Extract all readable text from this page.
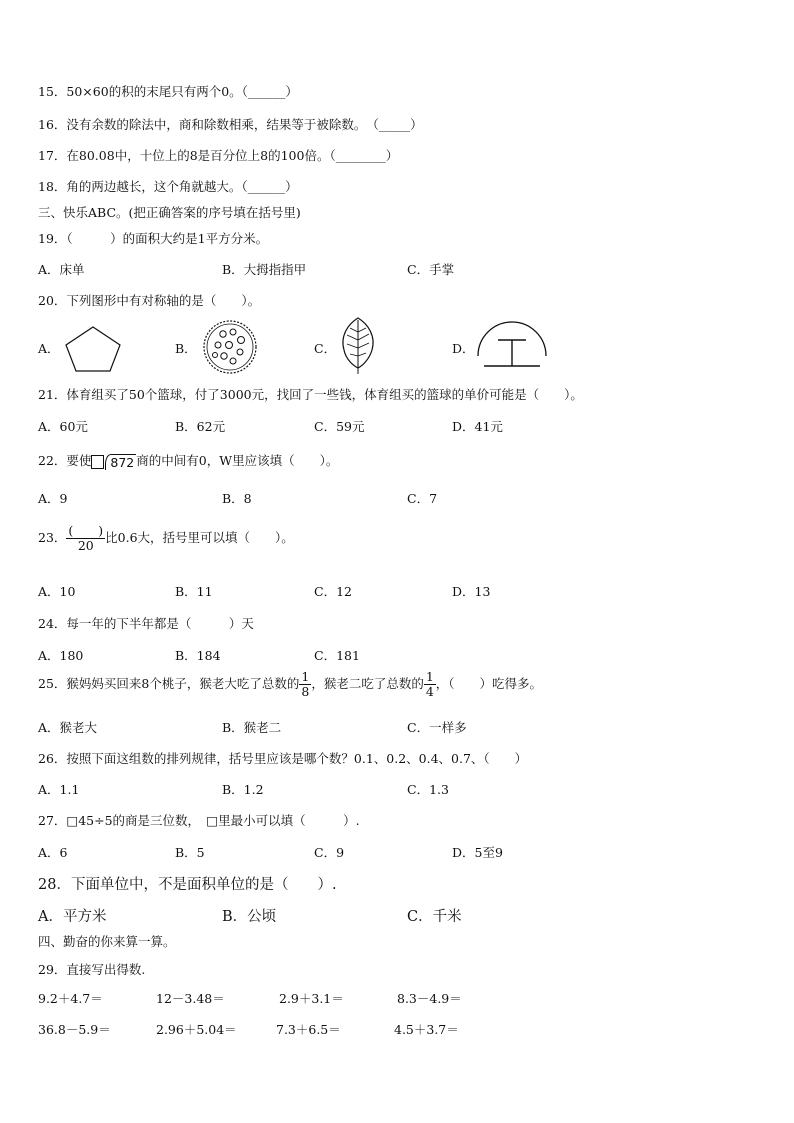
15．50×60的积的末尾只有两个0。（______）
16．没有余数的除法中，商和除数相乘，结果等于被除数。　（_____）
17．在80.08中，十位上的8是百分位上8的100倍。（________）
18．角的两边越长，这个角就越大。（______）
三、快乐ABC。(把正确答案的序号填在括号里)
19．（　　　）的面积大约是1平方分米。
A．床单	B．大拇指指甲	C．手掌
20．下列图形中有对称轴的是（　　）。
A．	B．	C．	D．
21．体育组买了50个篮球，付了3000元，找回了一些钱，体育组买的篮球的单价可能是（　　）。
A．60元	B．62元	C．59元	D．41元
22．要使 872 商的中间有0，W里应该填（　　）。
A．9	B．8	C．7
23． $\frac{( )}{20}$ 比0.6大，括号里可以填（　　）。
A．10	B．11	C．12	D．13
24．每一年的下半年都是（　　　）天
A．180	B．184	C．181
25．猴妈妈买回来8个桃子，猴老大吃了总数的 $\frac{1}{8}$ ，猴老二吃了总数的 $\frac{1}{4}$ ，（　　）吃得多。
A．猴老大	B．猴老二	C．一样多
26．按照下面这组数的排列规律，括号里应该是哪个数？0.1、0.2、0.4、0.7、（　　）
A．1.1	B．1.2	C．1.3
27．□45÷5的商是三位数，　□里最小可以填（　　　）.
A．6	B．5	C．9	D．5至9
28．下面单位中，不是面积单位的是（　　）.
A．平方米	B．公顷	C．千米
四、勤奋的你来算一算。
29．直接写出得数.
9.2＋4.7＝	12－3.48＝	2.9＋3.1＝	8.3－4.9＝
36.8－5.9＝	2.96＋5.04＝	7.3＋6.5＝	4.5＋3.7＝
